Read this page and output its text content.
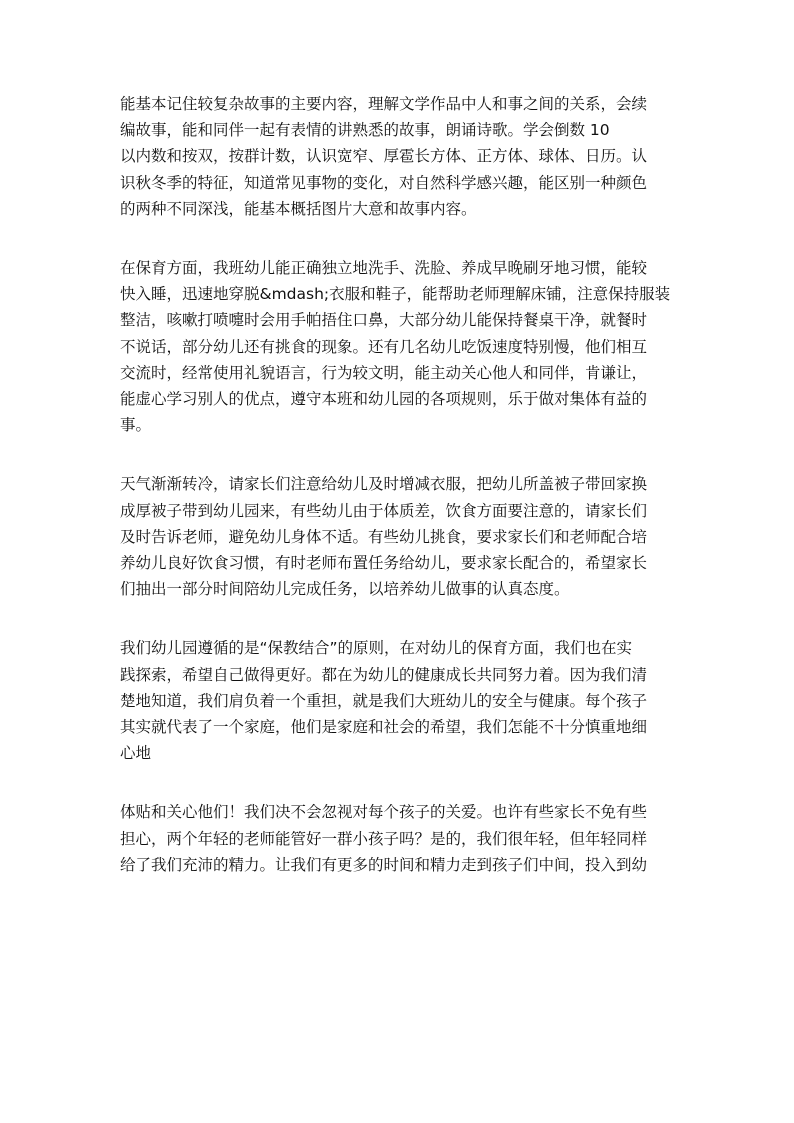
能基本记住较复杂故事的主要内容，理解文学作品中人和事之间的关系，会续
编故事，能和同伴一起有表情的讲熟悉的故事，朗诵诗歌。学会倒数 10
以内数和按双，按群计数，认识宽窄、厚雹长方体、正方体、球体、日历。认
识秋冬季的特征，知道常见事物的变化，对自然科学感兴趣，能区别一种颜色
的两种不同深浅，能基本概括图片大意和故事内容。

在保育方面，我班幼儿能正确独立地洗手、洗脸、养成早晚刷牙地习惯，能较
快入睡，迅速地穿脱&mdash;衣服和鞋子，能帮助老师理解床铺，注意保持服装
整洁，咳嗽打喷嚏时会用手帕捂住口鼻，大部分幼儿能保持餐桌干净，就餐时
不说话，部分幼儿还有挑食的现象。还有几名幼儿吃饭速度特别慢，他们相互
交流时，经常使用礼貌语言，行为较文明，能主动关心他人和同伴，肯谦让，
能虚心学习别人的优点，遵守本班和幼儿园的各项规则，乐于做对集体有益的
事。

天气渐渐转冷，请家长们注意给幼儿及时增减衣服，把幼儿所盖被子带回家换
成厚被子带到幼儿园来，有些幼儿由于体质差，饮食方面要注意的，请家长们
及时告诉老师，避免幼儿身体不适。有些幼儿挑食，要求家长们和老师配合培
养幼儿良好饮食习惯，有时老师布置任务给幼儿，要求家长配合的，希望家长
们抽出一部分时间陪幼儿完成任务，以培养幼儿做事的认真态度。

我们幼儿园遵循的是“保教结合”的原则，在对幼儿的保育方面，我们也在实
践探索，希望自己做得更好。都在为幼儿的健康成长共同努力着。因为我们清
楚地知道，我们肩负着一个重担，就是我们大班幼儿的安全与健康。每个孩子
其实就代表了一个家庭，他们是家庭和社会的希望，我们怎能不十分慎重地细
心地

体贴和关心他们！我们决不会忽视对每个孩子的关爱。也许有些家长不免有些
担心，两个年轻的老师能管好一群小孩子吗？是的，我们很年轻，但年轻同样
给了我们充沛的精力。让我们有更多的时间和精力走到孩子们中间，投入到幼
